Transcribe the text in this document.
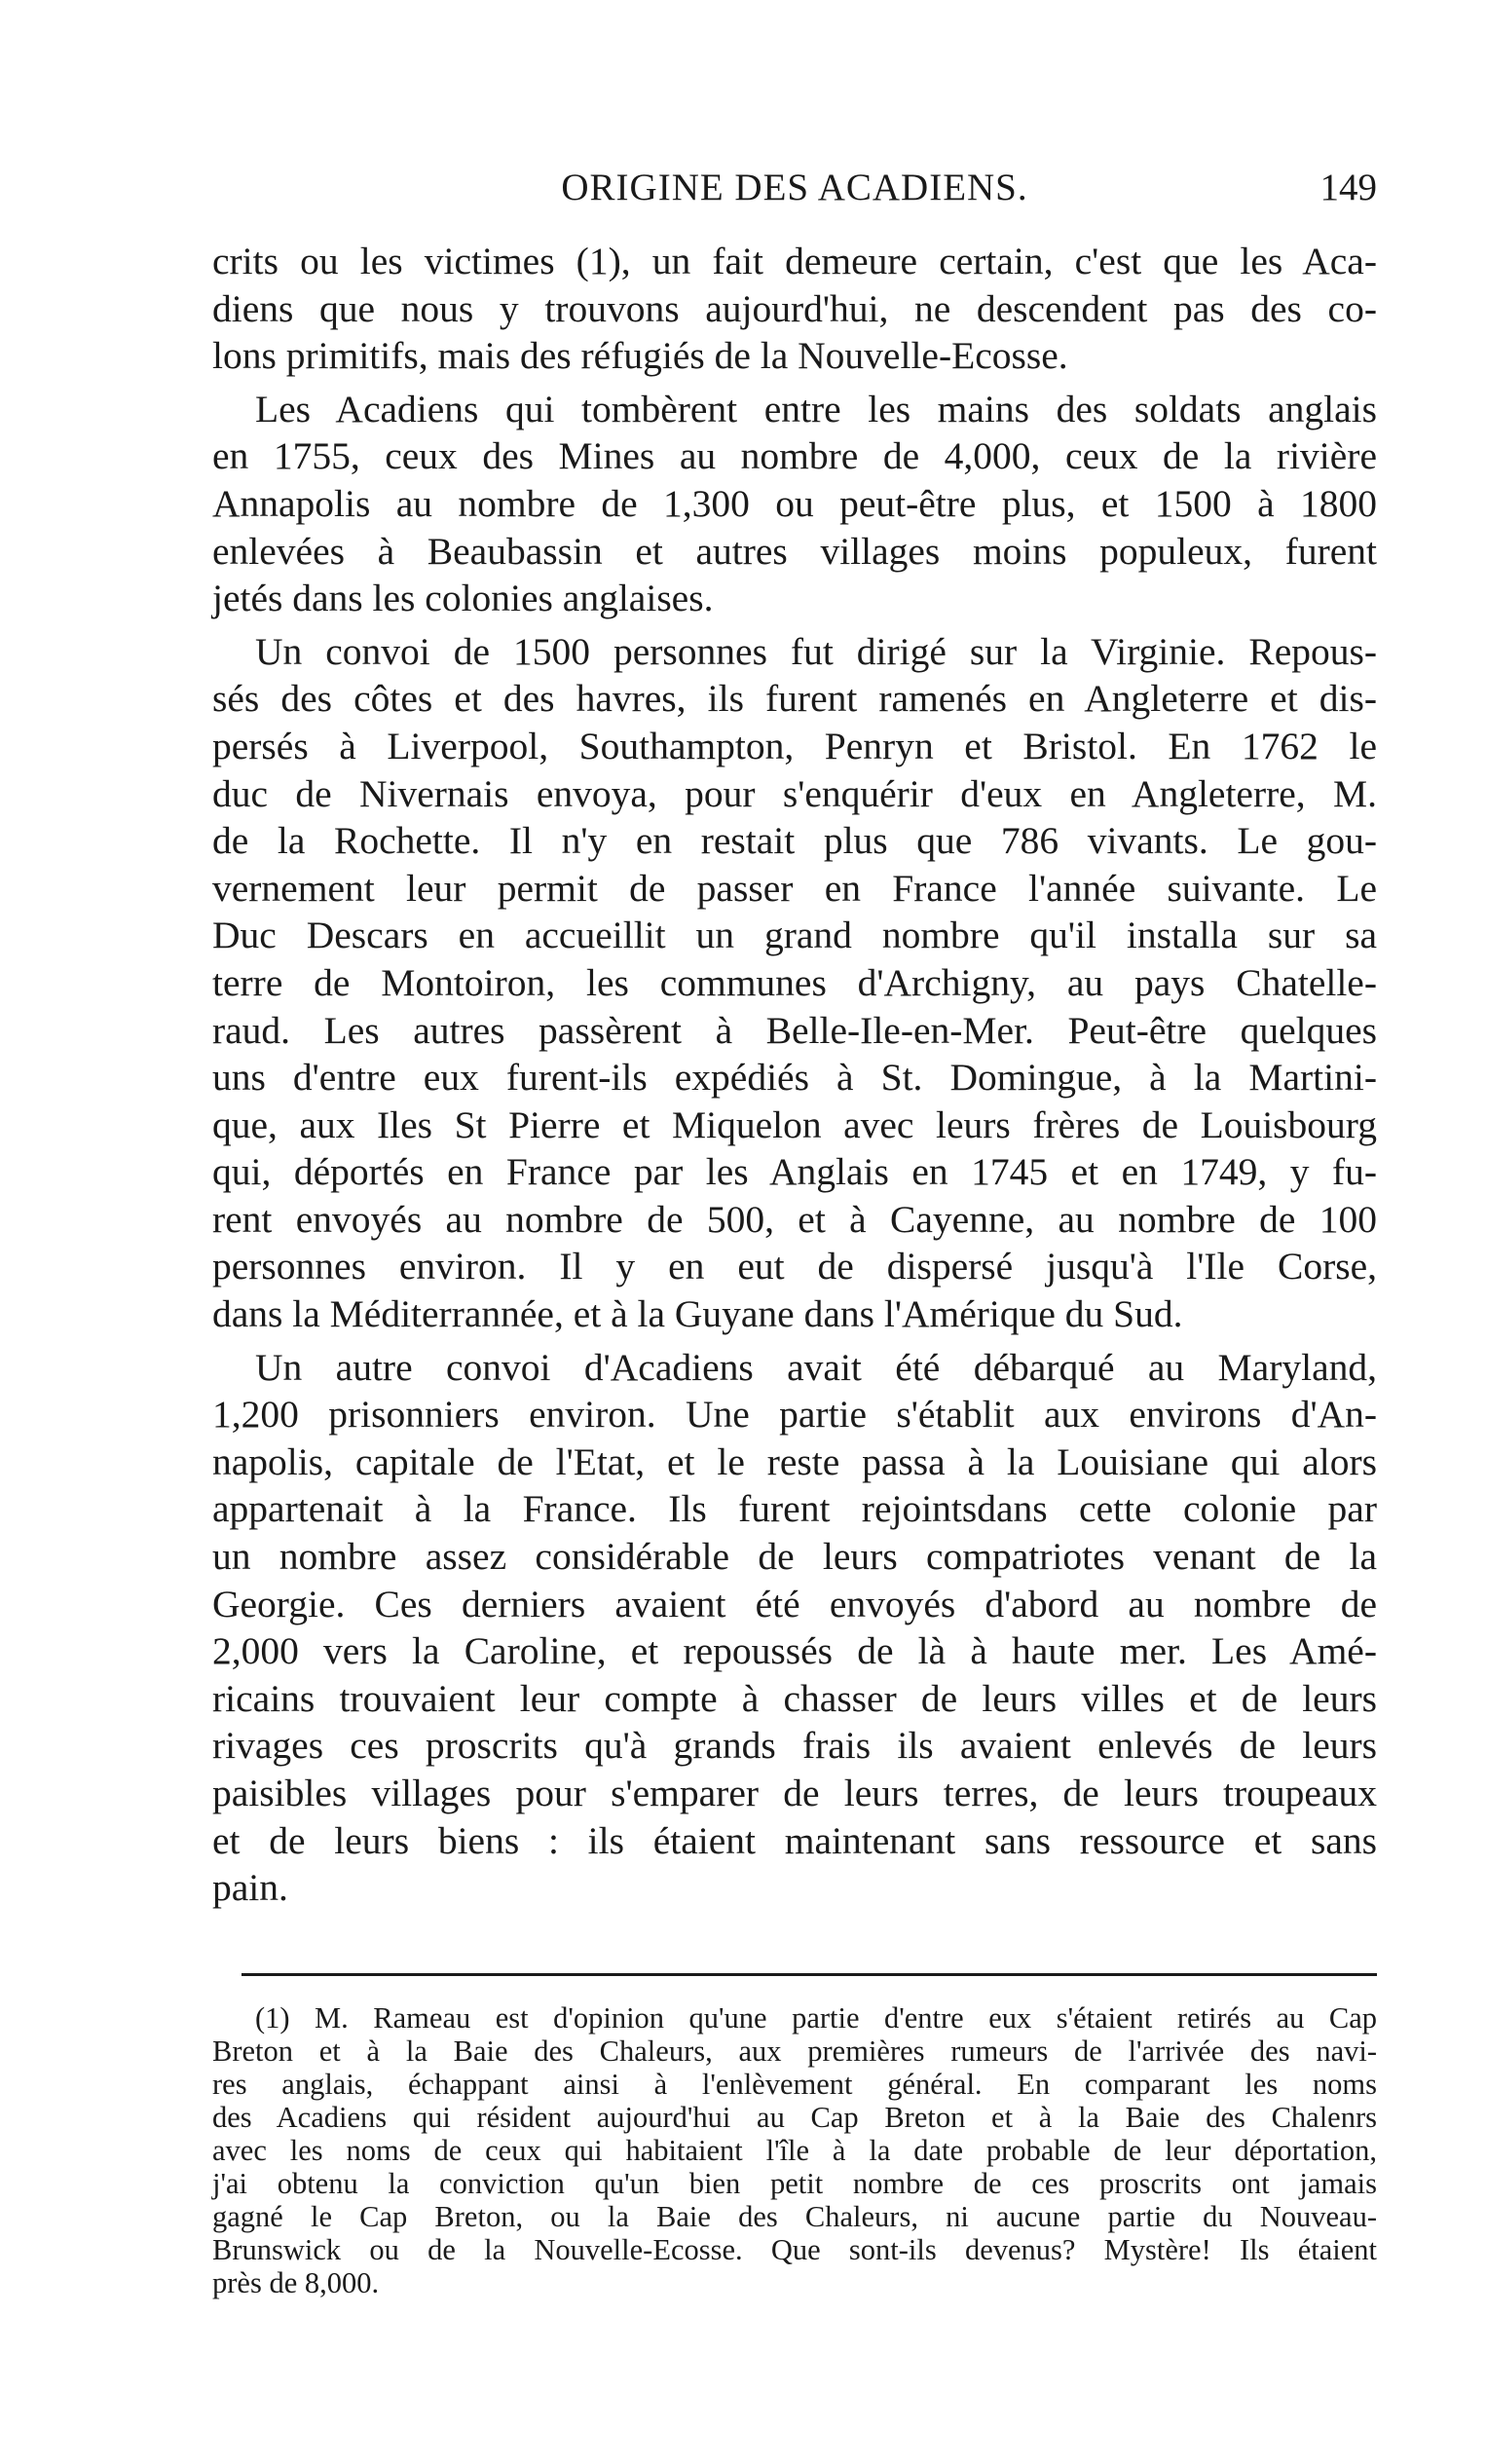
ORIGINE DES ACADIENS.	149
crits ou les victimes (1), un fait demeure certain, c'est que les Aca-
diens que nous y trouvons aujourd'hui, ne descendent pas des co-
lons primitifs, mais des réfugiés de la Nouvelle-Ecosse.
Les Acadiens qui tombèrent entre les mains des soldats anglais
en 1755, ceux des Mines au nombre de 4,000, ceux de la rivière
Annapolis au nombre de 1,300 ou peut-être plus, et 1500 à 1800
enlevées à Beaubassin et autres villages moins populeux, furent
jetés dans les colonies anglaises.
Un convoi de 1500 personnes fut dirigé sur la Virginie. Repous-
sés des côtes et des havres, ils furent ramenés en Angleterre et dis-
persés à Liverpool, Southampton, Penryn et Bristol. En 1762 le
duc de Nivernais envoya, pour s'enquérir d'eux en Angleterre, M.
de la Rochette. Il n'y en restait plus que 786 vivants. Le gou-
vernement leur permit de passer en France l'année suivante. Le
Duc Descars en accueillit un grand nombre qu'il installa sur sa
terre de Montoiron, les communes d'Archigny, au pays Chatelle-
raud. Les autres passèrent à Belle-Ile-en-Mer. Peut-être quelques
uns d'entre eux furent-ils expédiés à St. Domingue, à la Martini-
que, aux Iles St Pierre et Miquelon avec leurs frères de Louisbourg
qui, déportés en France par les Anglais en 1745 et en 1749, y fu-
rent envoyés au nombre de 500, et à Cayenne, au nombre de 100
personnes environ. Il y en eut de dispersé jusqu'à l'Ile Corse,
dans la Méditerrannée, et à la Guyane dans l'Amérique du Sud.
Un autre convoi d'Acadiens avait été débarqué au Maryland,
1,200 prisonniers environ. Une partie s'établit aux environs d'An-
napolis, capitale de l'Etat, et le reste passa à la Louisiane qui alors
appartenait à la France. Ils furent rejointsdans cette colonie par
un nombre assez considérable de leurs compatriotes venant de la
Georgie. Ces derniers avaient été envoyés d'abord au nombre de
2,000 vers la Caroline, et repoussés de là à haute mer. Les Amé-
ricains trouvaient leur compte à chasser de leurs villes et de leurs
rivages ces proscrits qu'à grands frais ils avaient enlevés de leurs
paisibles villages pour s'emparer de leurs terres, de leurs troupeaux
et de leurs biens : ils étaient maintenant sans ressource et sans
pain.
(1) M. Rameau est d'opinion qu'une partie d'entre eux s'étaient retirés au Cap
Breton et à la Baie des Chaleurs, aux premières rumeurs de l'arrivée des navi-
res anglais, échappant ainsi à l'enlèvement général. En comparant les noms
des Acadiens qui résident aujourd'hui au Cap Breton et à la Baie des Chalenrs
avec les noms de ceux qui habitaient l'île à la date probable de leur déportation,
j'ai obtenu la conviction qu'un bien petit nombre de ces proscrits ont jamais
gagné le Cap Breton, ou la Baie des Chaleurs, ni aucune partie du Nouveau-
Brunswick ou de la Nouvelle-Ecosse. Que sont-ils devenus? Mystère! Ils étaient
près de 8,000.
